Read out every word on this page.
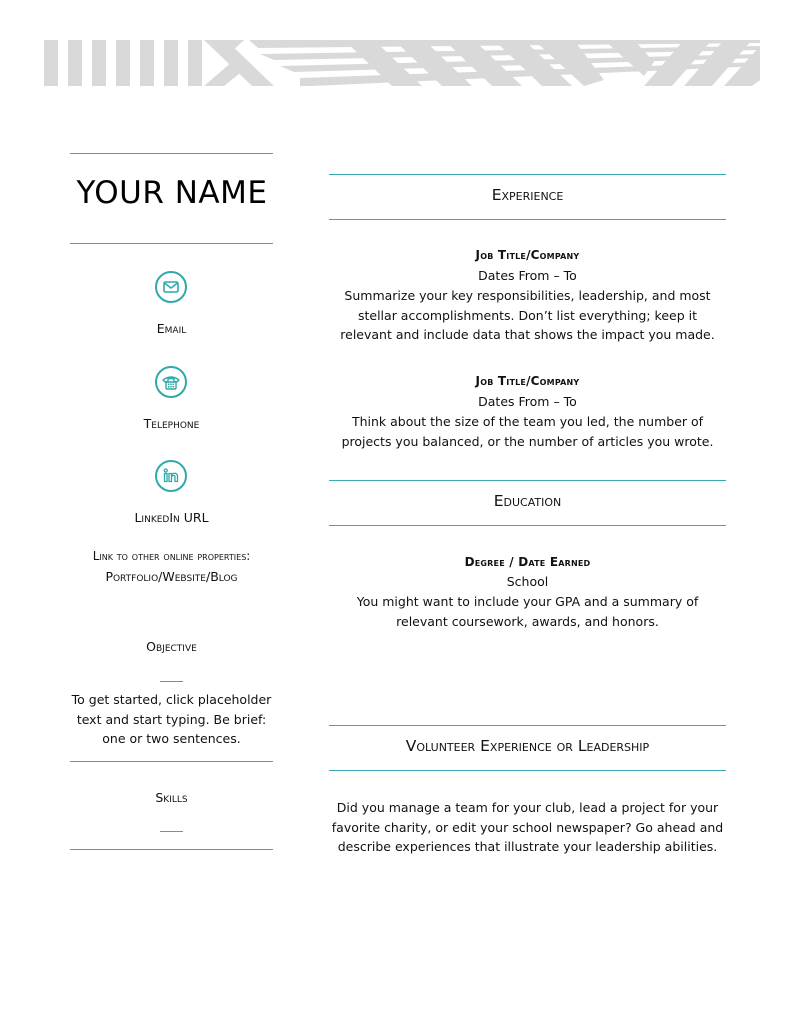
YOUR NAME
Email
Telephone
LinkedIn URL
Link to other online properties:
Portfolio/Website/Blog
Objective
To get started, click placeholder text and start typing. Be brief: one or two sentences.
Skills
Experience
Job Title/Company
Dates From – To
Summarize your key responsibilities, leadership, and most stellar accomplishments. Don’t list everything; keep it relevant and include data that shows the impact you made.
Job Title/Company
Dates From – To
Think about the size of the team you led, the number of projects you balanced, or the number of articles you wrote.
Education
Degree / Date Earned
School
You might want to include your GPA and a summary of relevant coursework, awards, and honors.
Volunteer Experience or Leadership
Did you manage a team for your club, lead a project for your favorite charity, or edit your school newspaper? Go ahead and describe experiences that illustrate your leadership abilities.
